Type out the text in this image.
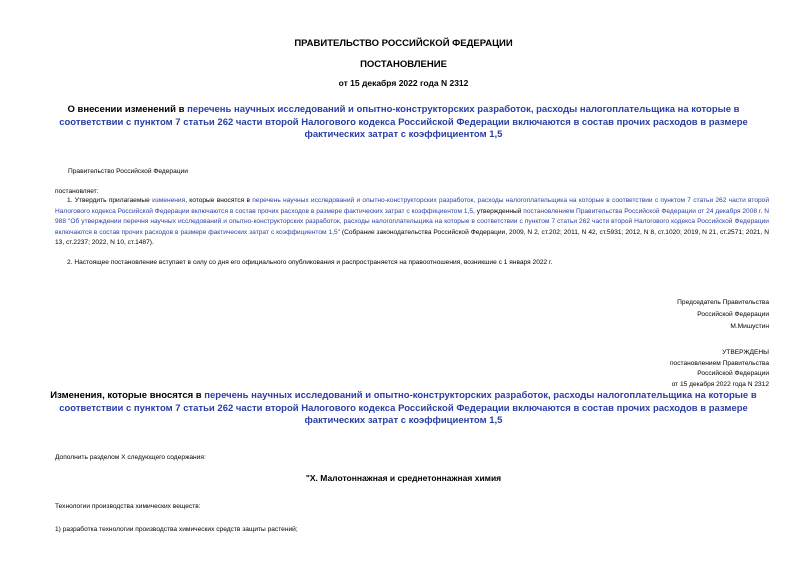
ПРАВИТЕЛЬСТВО РОССИЙСКОЙ ФЕДЕРАЦИИ
ПОСТАНОВЛЕНИЕ
от 15 декабря 2022 года N 2312
О внесении изменений в перечень научных исследований и опытно-конструкторских разработок, расходы налогоплательщика на которые в соответствии с пунктом 7 статьи 262 части второй Налогового кодекса Российской Федерации включаются в состав прочих расходов в размере фактических затрат с коэффициентом 1,5
Правительство Российской Федерации
постановляет:
1. Утвердить прилагаемые изменения, которые вносятся в перечень научных исследований и опытно-конструкторских разработок, расходы налогоплательщика на которые в соответствии с пунктом 7 статьи 262 части второй Налогового кодекса Российской Федерации включаются в состав прочих расходов в размере фактических затрат с коэффициентом 1,5, утвержденный постановлением Правительства Российской Федерации от 24 декабря 2008 г. N 988 "Об утверждении перечня научных исследований и опытно-конструкторских разработок, расходы налогоплательщика на которые в соответствии с пунктом 7 статьи 262 части второй Налогового кодекса Российской Федерации включаются в состав прочих расходов в размере фактических затрат с коэффициентом 1,5" (Собрание законодательства Российской Федерации, 2009, N 2, ст.202; 2011, N 42, ст.5931; 2012, N 8, ст.1020; 2019, N 21, ст.2571; 2021, N 13, ст.2237; 2022, N 10, ст.1487).
2. Настоящее постановление вступает в силу со дня его официального опубликования и распространяется на правоотношения, возникшие с 1 января 2022 г.
Председатель Правительства
Российской Федерации
М.Мишустин
УТВЕРЖДЕНЫ
постановлением Правительства
Российской Федерации
от 15 декабря 2022 года N 2312
Изменения, которые вносятся в перечень научных исследований и опытно-конструкторских разработок, расходы налогоплательщика на которые в соответствии с пунктом 7 статьи 262 части второй Налогового кодекса Российской Федерации включаются в состав прочих расходов в размере фактических затрат с коэффициентом 1,5
Дополнить разделом X следующего содержания:
"X. Малотоннажная и среднетоннажная химия
Технологии производства химических веществ:
1) разработка технологии производства химических средств защиты растений;
